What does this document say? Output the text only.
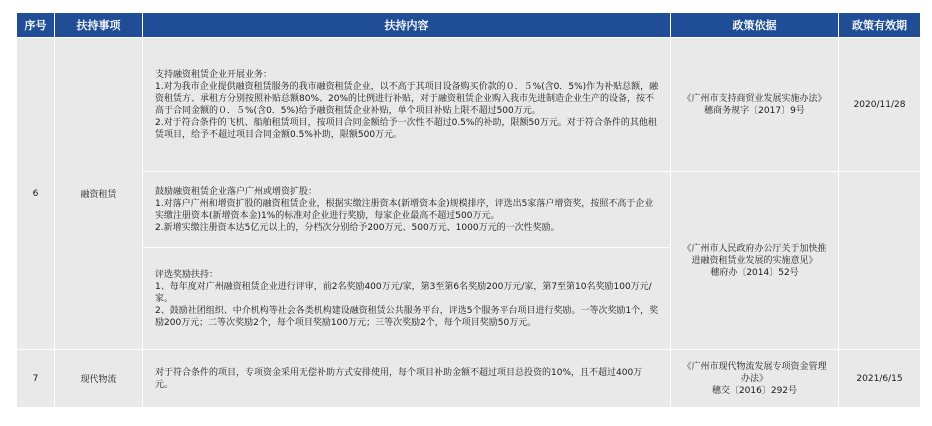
序号	扶持事项	扶持内容	政策依据	政策有效期
6	融资租赁	支持融资租赁企业开展业务：
1.对为我市企业提供融资租赁服务的我市融资租赁企业，以不高于其项目设备购买价款的０．５%(含0．5%)作为补贴总额，融资租赁方、承租方分别按照补贴总额80%、20%的比例进行补贴，对于融资租赁企业购入我市先进制造企业生产的设备，按不高于合同金额的０．５%(含0．5%)给予融资租赁企业补贴，单个项目补贴上限不超过500万元。
2.对于符合条件的飞机、船舶租赁项目，按项目合同金额给予一次性不超过0.5%的补助，限额50万元。对于符合条件的其他租赁项目，给予不超过项目合同金额0.5%补助，限额500万元。	《广州市支持商贸业发展实施办法》
穗商务规字〔2017〕9号	2020/11/28

		鼓励融资租赁企业落户广州或增资扩股：
1.对落户广州和增资扩股的融资租赁企业，根据实缴注册资本(新增资本金)规模排序，评选出5家落户增资奖，按照不高于企业实缴注册资本(新增资本金)1%的标准对企业进行奖励，每家企业最高不超过500万元。
2.新增实缴注册资本达5亿元以上的，分档次分别给予200万元、500万元、1000万元的一次性奖励。	《广州市人民政府办公厅关于加快推进融资租赁业发展的实施意见》
穗府办〔2014〕52号	

		评选奖励扶持：
1、每年度对广州融资租赁企业进行评审，前2名奖励400万元/家，第3至第6名奖励200万元/家，第7至第10名奖励100万元/家。
2、鼓励社团组织、中介机构等社会各类机构建设融资租赁公共服务平台，评选5个服务平台项目进行奖励。一等次奖励1个，奖励200万元；二等次奖励2个，每个项目奖励100万元；三等次奖励2个，每个项目奖励50万元。		

7	现代物流	对于符合条件的项目，专项资金采用无偿补助方式安排使用，每个项目补助金额不超过项目总投资的10%，且不超过400万元。	《广州市现代物流发展专项资金管理办法》
穗交〔2016〕292号	2021/6/15
